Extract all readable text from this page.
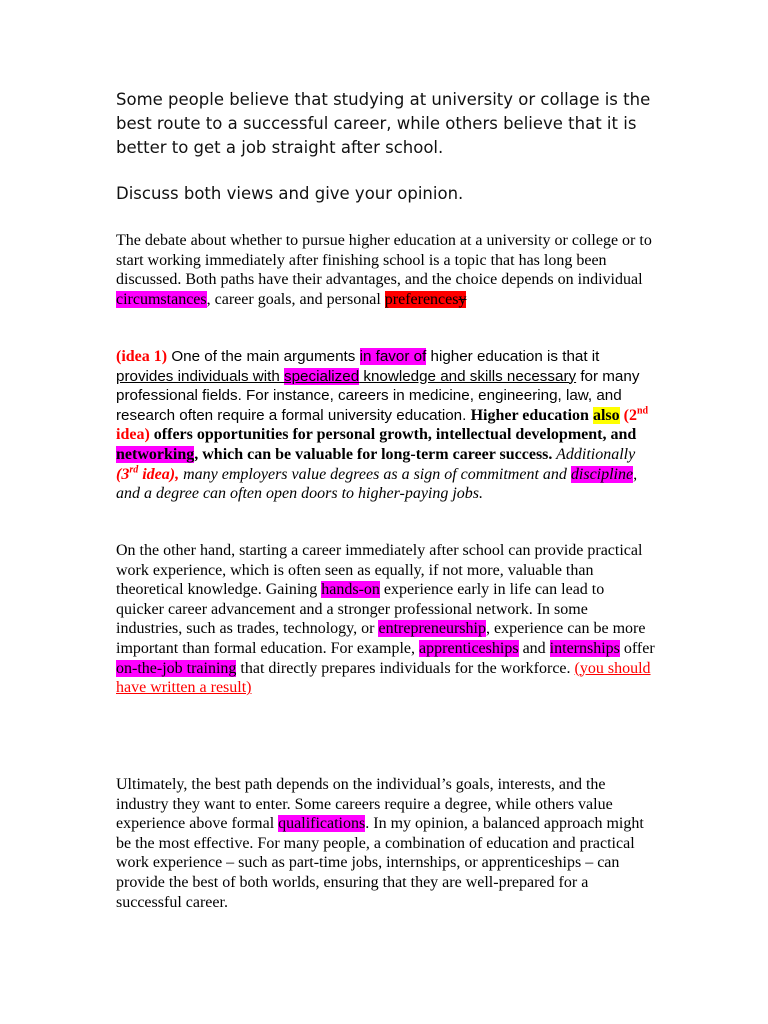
Some people believe that studying at university or collage is the best route to a successful career, while others believe that it is better to get a job straight after school.
Discuss both views and give your opinion.

The debate about whether to pursue higher education at a university or college or to start working immediately after finishing school is a topic that has long been discussed. Both paths have their advantages, and the choice depends on individual circumstances, career goals, and personal preferencesy

(idea 1) One of the main arguments in favor of higher education is that it provides individuals with specialized knowledge and skills necessary for many professional fields. For instance, careers in medicine, engineering, law, and research often require a formal university education. Higher education also (2nd idea) offers opportunities for personal growth, intellectual development, and networking, which can be valuable for long-term career success. Additionally (3rd idea), many employers value degrees as a sign of commitment and discipline, and a degree can often open doors to higher-paying jobs.

On the other hand, starting a career immediately after school can provide practical work experience, which is often seen as equally, if not more, valuable than theoretical knowledge. Gaining hands-on experience early in life can lead to quicker career advancement and a stronger professional network. In some industries, such as trades, technology, or entrepreneurship, experience can be more important than formal education. For example, apprenticeships and internships offer on-the-job training that directly prepares individuals for the workforce. (you should have written a result)

Ultimately, the best path depends on the individual’s goals, interests, and the industry they want to enter. Some careers require a degree, while others value experience above formal qualifications. In my opinion, a balanced approach might be the most effective. For many people, a combination of education and practical work experience – such as part-time jobs, internships, or apprenticeships – can provide the best of both worlds, ensuring that they are well-prepared for a successful career.
